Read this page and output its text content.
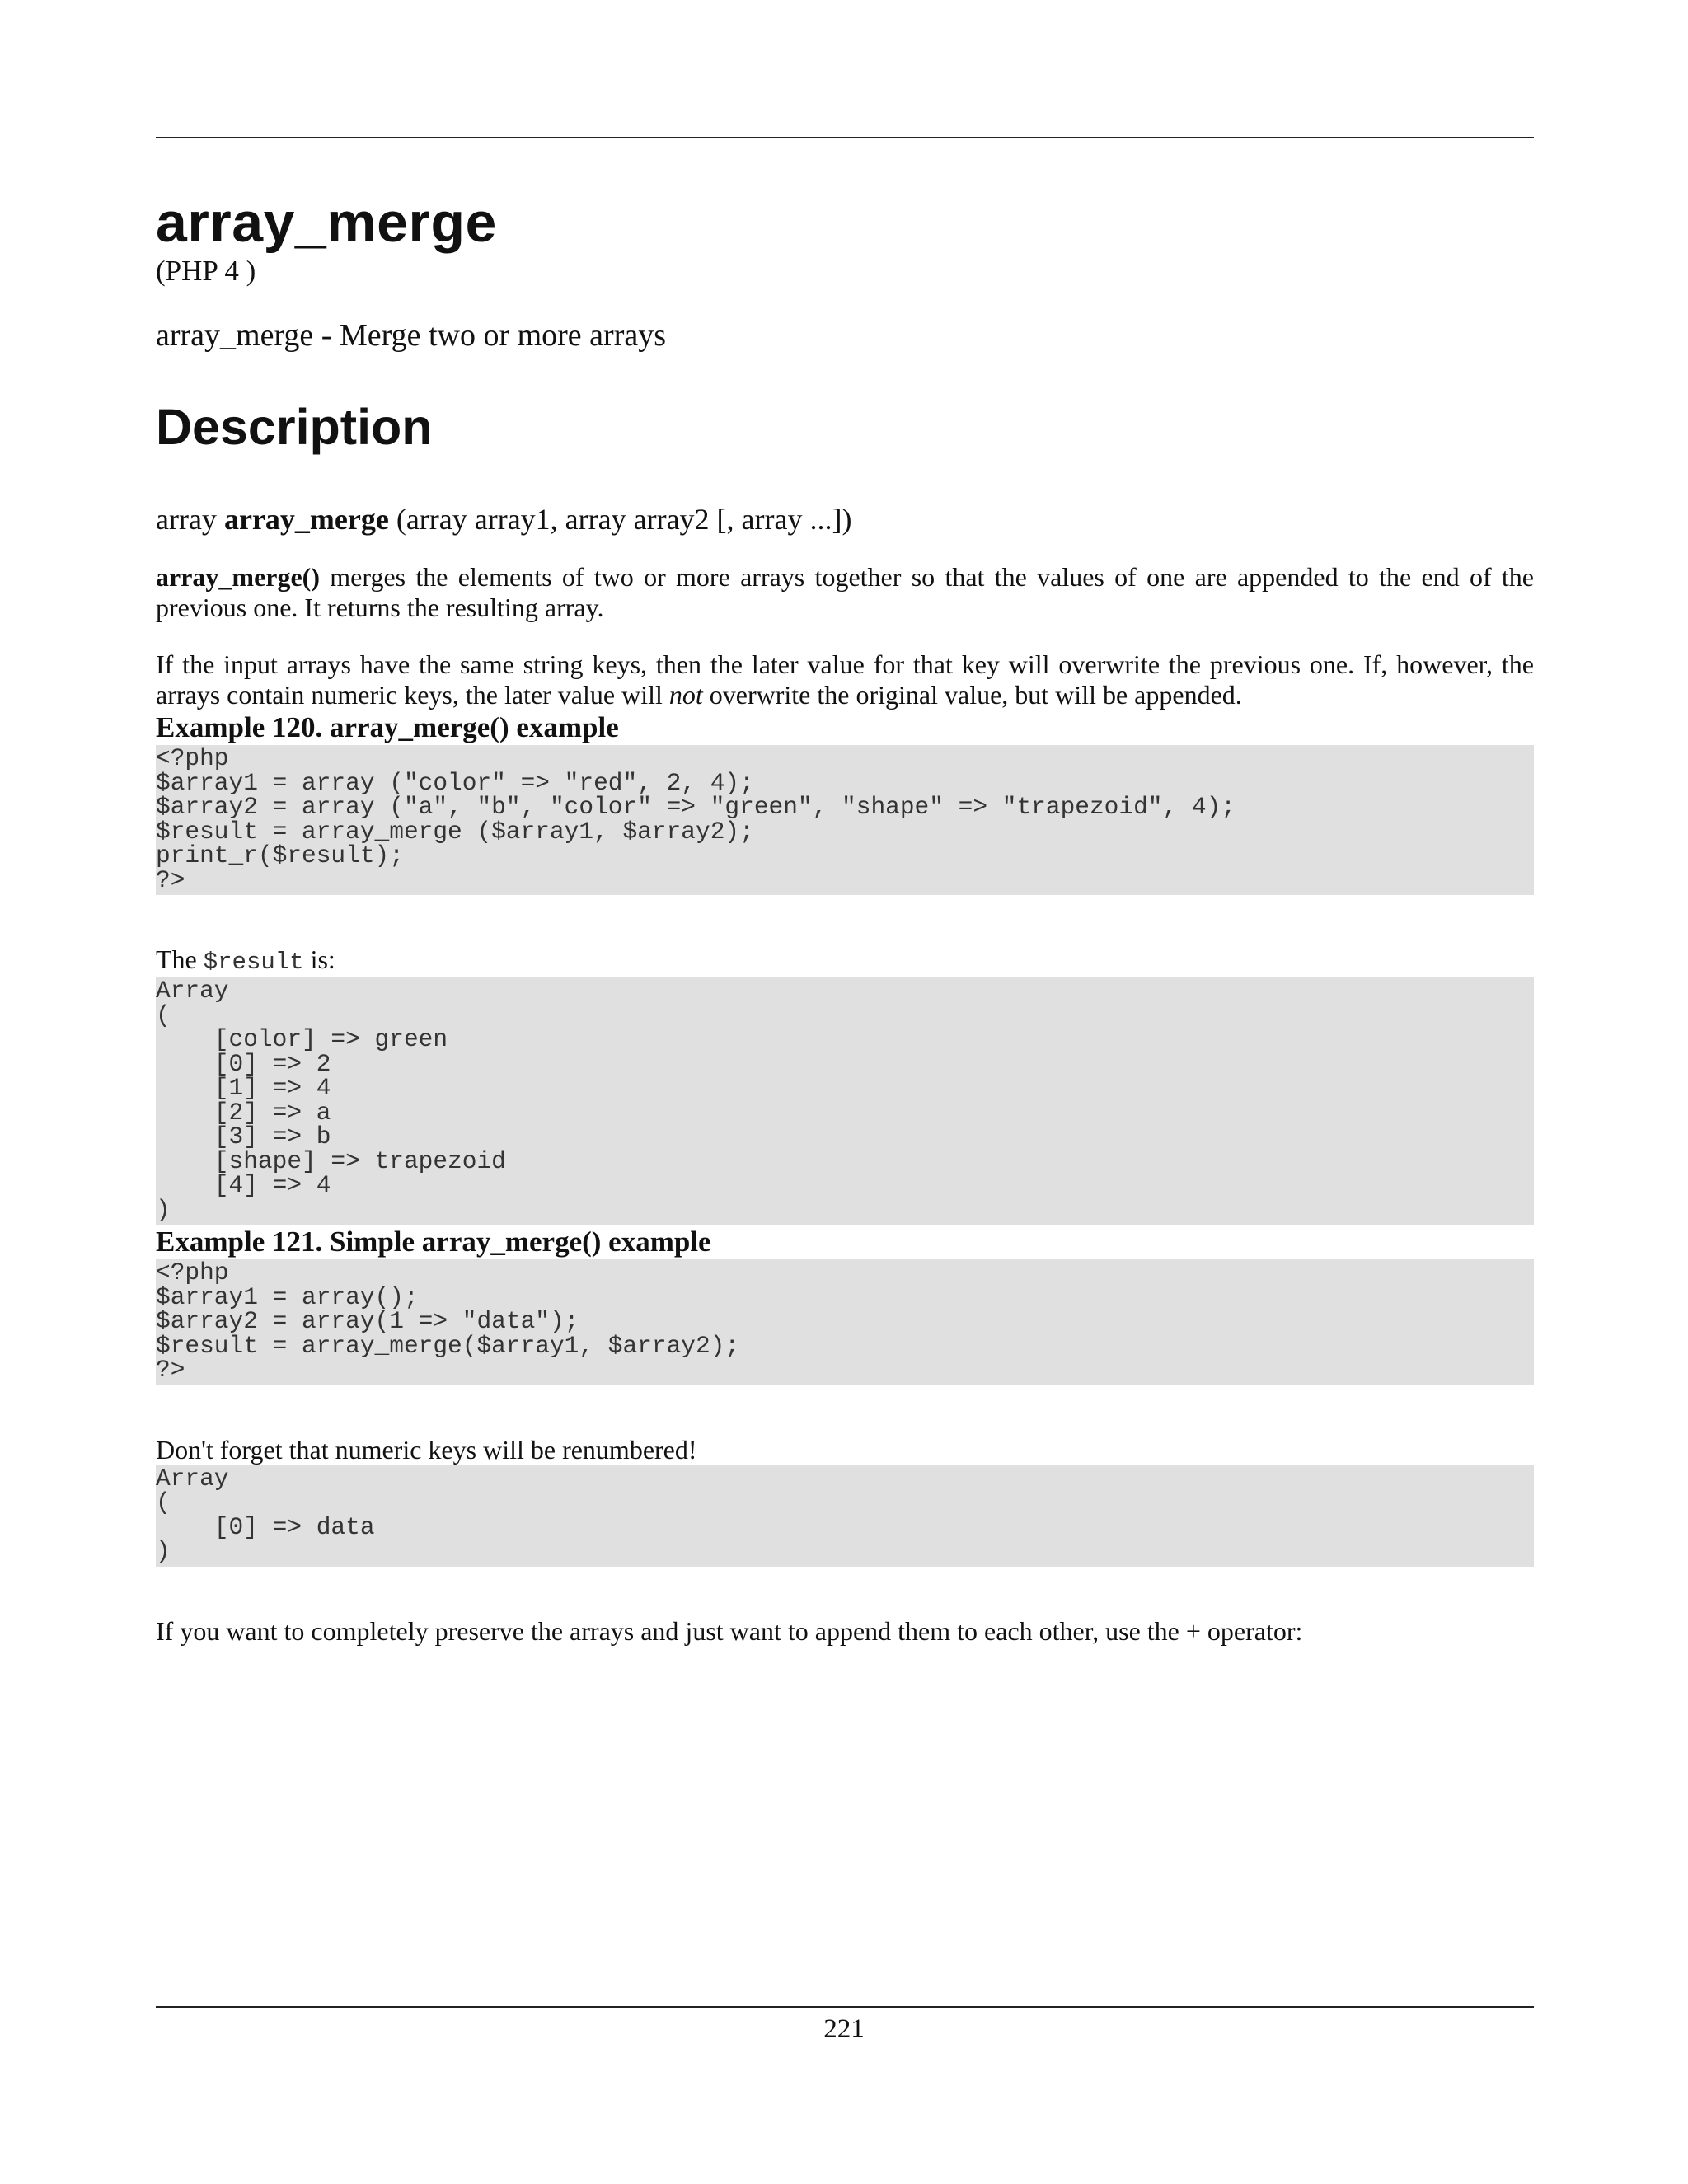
array_merge
(PHP 4 )
array_merge - Merge two or more arrays
Description
array array_merge (array array1, array array2 [, array ...])

array_merge() merges the elements of two or more arrays together so that the values of one are appended to the end of the previous one. It returns the resulting array.

If the input arrays have the same string keys, then the later value for that key will overwrite the previous one. If, however, the arrays contain numeric keys, the later value will not overwrite the original value, but will be appended.

Example 120. array_merge() example
<?php
$array1 = array ("color" => "red", 2, 4);
$array2 = array ("a", "b", "color" => "green", "shape" => "trapezoid", 4);
$result = array_merge ($array1, $array2);
print_r($result);
?>

The $result is:

Array
(
[color] => green
[0] => 2
[1] => 4
[2] => a
[3] => b
[shape] => trapezoid
[4] => 4
)
Example 121. Simple array_merge() example
<?php
$array1 = array();
$array2 = array(1 => "data");
$result = array_merge($array1, $array2);
?>

Don't forget that numeric keys will be renumbered!

Array
(
[0] => data
)

If you want to completely preserve the arrays and just want to append them to each other, use the + operator:

221
